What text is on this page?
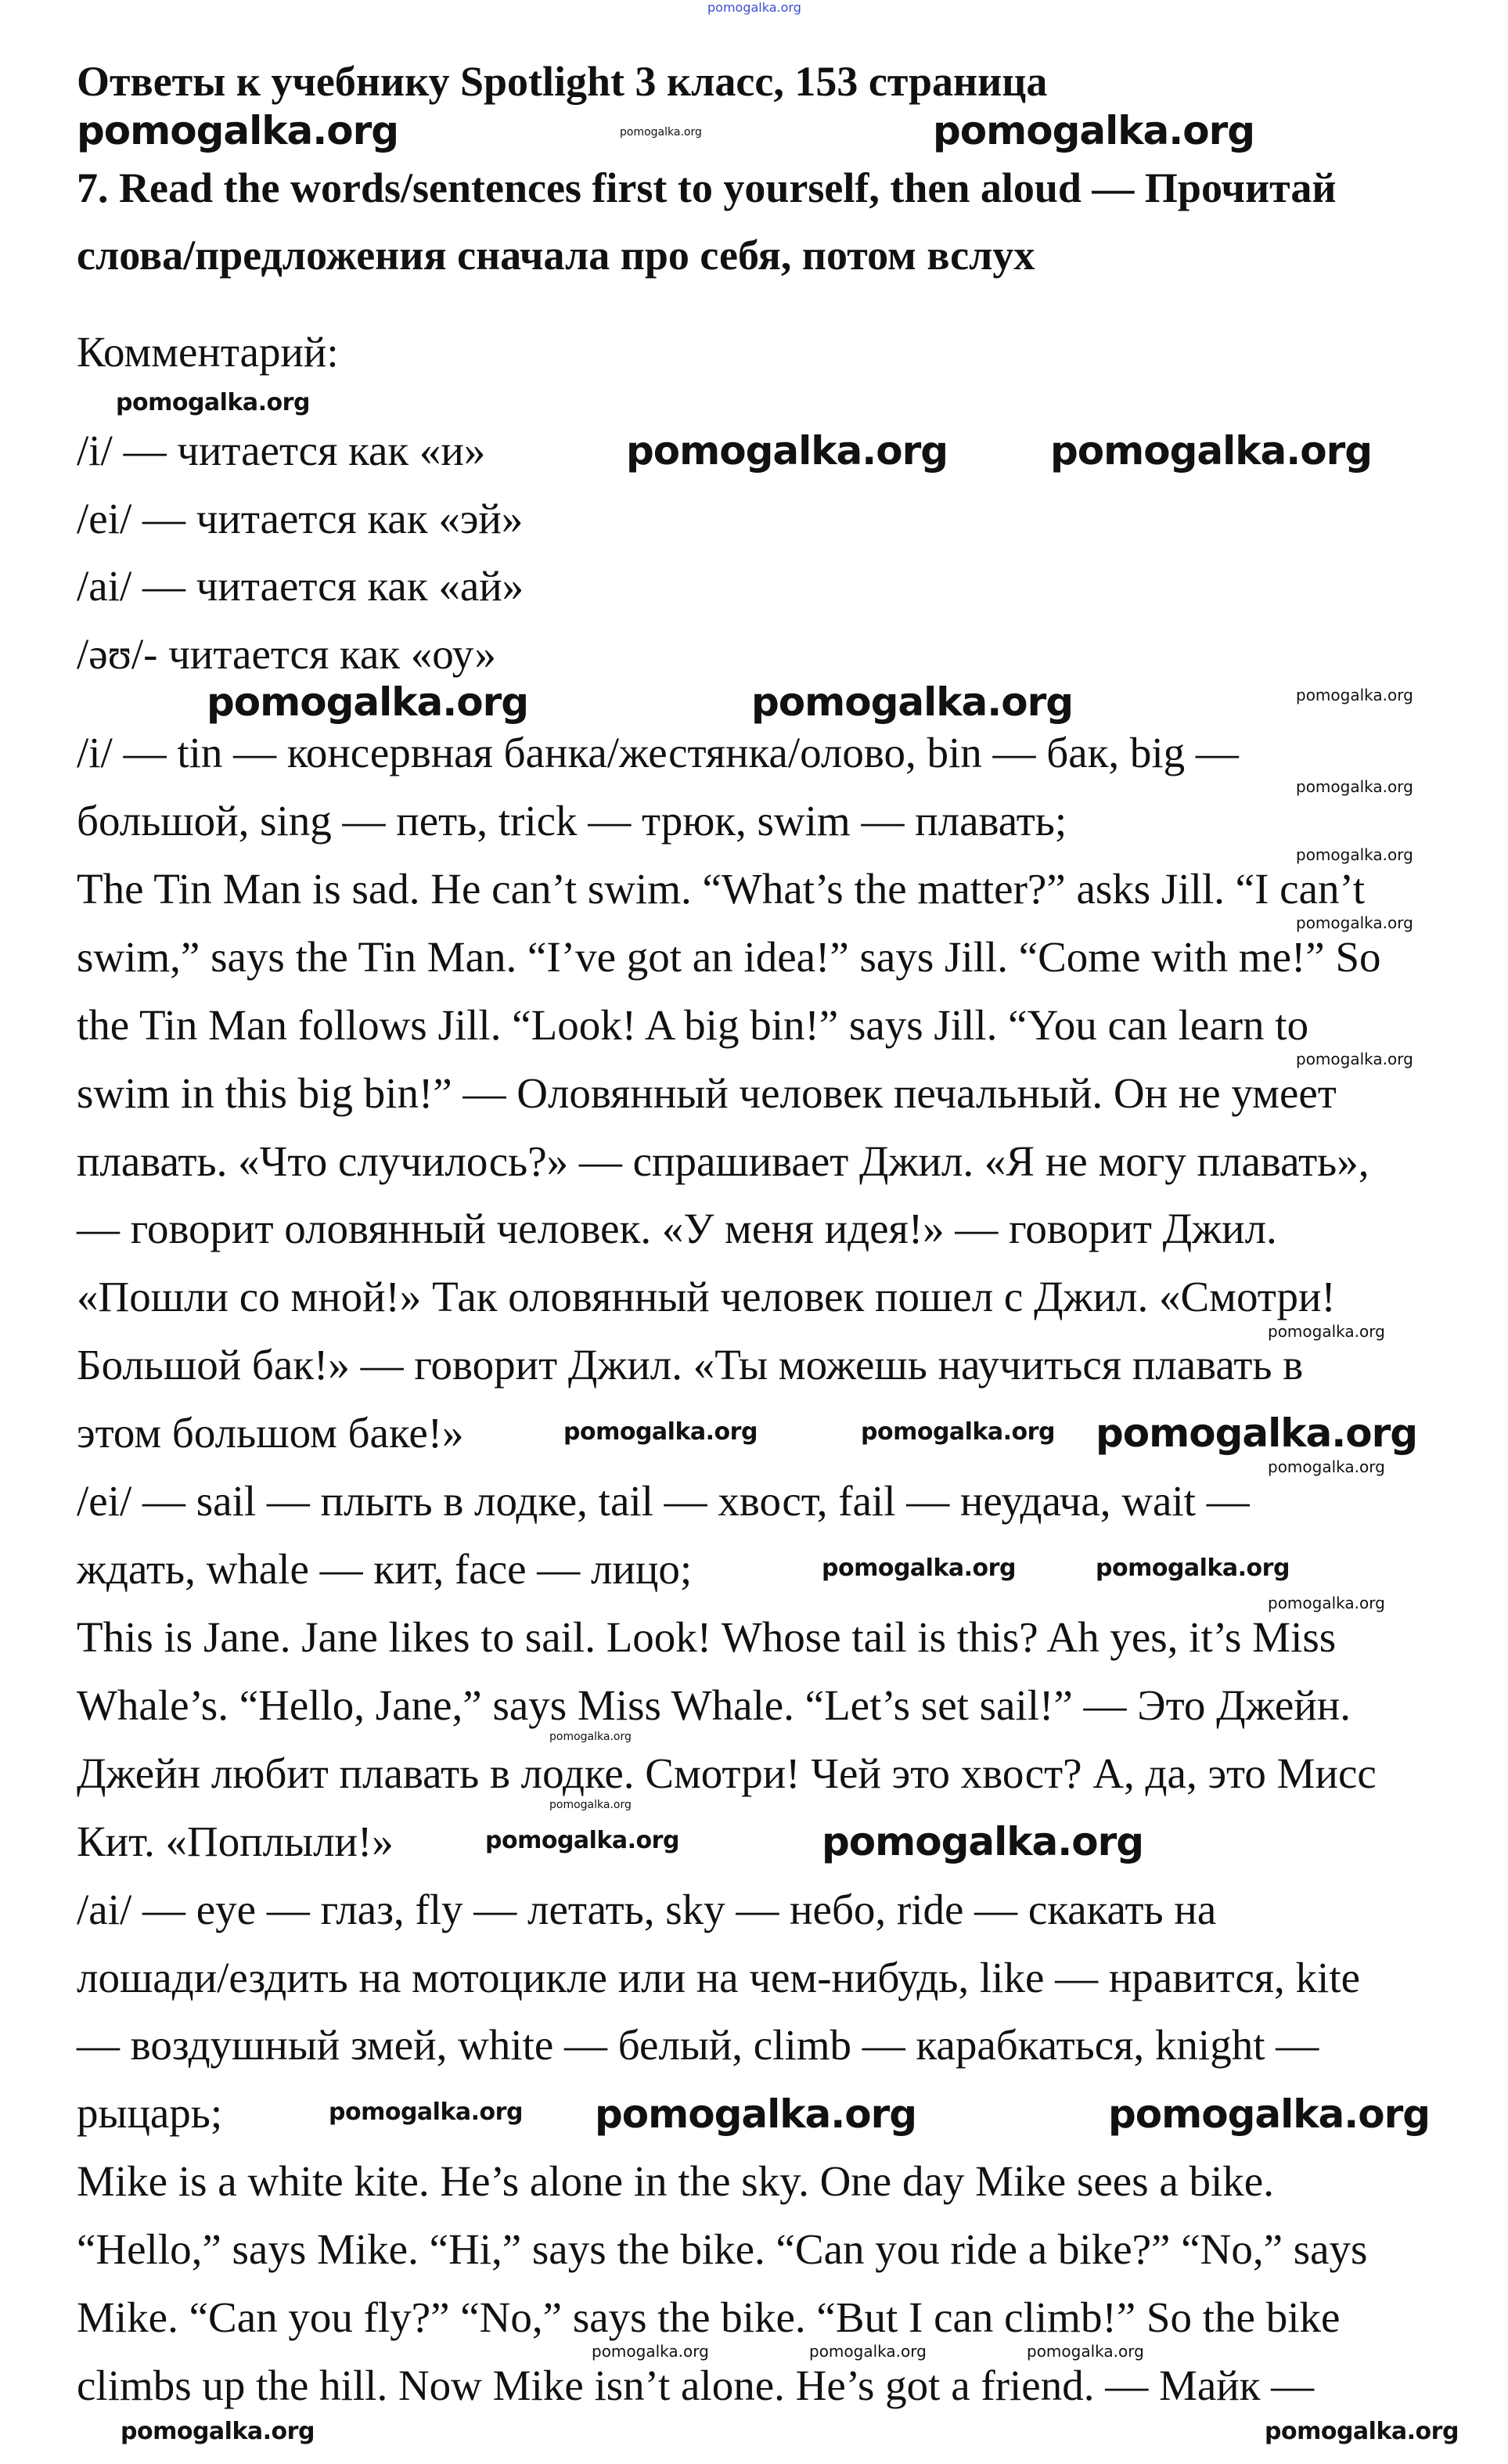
Ответы к учебнику Spotlight 3 класс, 153 страница
7. Read the words/sentences first to yourself, then aloud — Прочитай
слова/предложения сначала про себя, потом вслух
Комментарий:
/i/ — читается как «и»
/ei/ — читается как «эй»
/ai/ — читается как «ай»
/əʊ/- читается как «оу»
/i/ — tin — консервная банка/жестянка/олово, bin — бак, big —
большой, sing — петь, trick — трюк, swim — плавать;
The Tin Man is sad. He can’t swim. “What’s the matter?” asks Jill. “I can’t
swim,” says the Tin Man. “I’ve got an idea!” says Jill. “Come with me!” So
the Tin Man follows Jill. “Look! A big bin!” says Jill. “You can learn to
swim in this big bin!” — Оловянный человек печальный. Он не умеет
плавать. «Что случилось?» — спрашивает Джил. «Я не могу плавать»,
— говорит оловянный человек. «У меня идея!» — говорит Джил.
«Пошли со мной!» Так оловянный человек пошел с Джил. «Смотри!
Большой бак!» — говорит Джил. «Ты можешь научиться плавать в
этом большом баке!»
/ei/ — sail — плыть в лодке, tail — хвост, fail — неудача, wait —
ждать, whale — кит, face — лицо;
This is Jane. Jane likes to sail. Look! Whose tail is this? Ah yes, it’s Miss
Whale’s. “Hello, Jane,” says Miss Whale. “Let’s set sail!” — Это Джейн.
Джейн любит плавать в лодке. Смотри! Чей это хвост? А, да, это Мисс
Кит. «Поплыли!»
/ai/ — eye — глаз, fly — летать, sky — небо, ride — скакать на
лошади/ездить на мотоцикле или на чем-нибудь, like — нравится, kite
— воздушный змей, white — белый, climb — карабкаться, knight —
рыцарь;
Mike is a white kite. He’s alone in the sky. One day Mike sees a bike.
“Hello,” says Mike. “Hi,” says the bike. “Can you ride a bike?” “No,” says
Mike. “Can you fly?” “No,” says the bike. “But I can climb!” So the bike
climbs up the hill. Now Mike isn’t alone. He’s got a friend. — Майк —
pomogalka.org
pomogalka.org	pomogalka.org
pomogalka.org
pomogalka.org
pomogalka.org	pomogalka.org
pomogalka.org	pomogalka.org	pomogalka.org
pomogalka.org
pomogalka.org
pomogalka.org
pomogalka.org
pomogalka.org
pomogalka.org
pomogalka.org
pomogalka.org	pomogalka.org pomogalka.org
pomogalka.org	pomogalka.org
pomogalka.org
pomogalka.org
pomogalka.org	pomogalka.org
pomogalka.org pomogalka.org	pomogalka.org
pomogalka.org	pomogalka.org	pomogalka.org
pomogalka.org	pomogalka.org
